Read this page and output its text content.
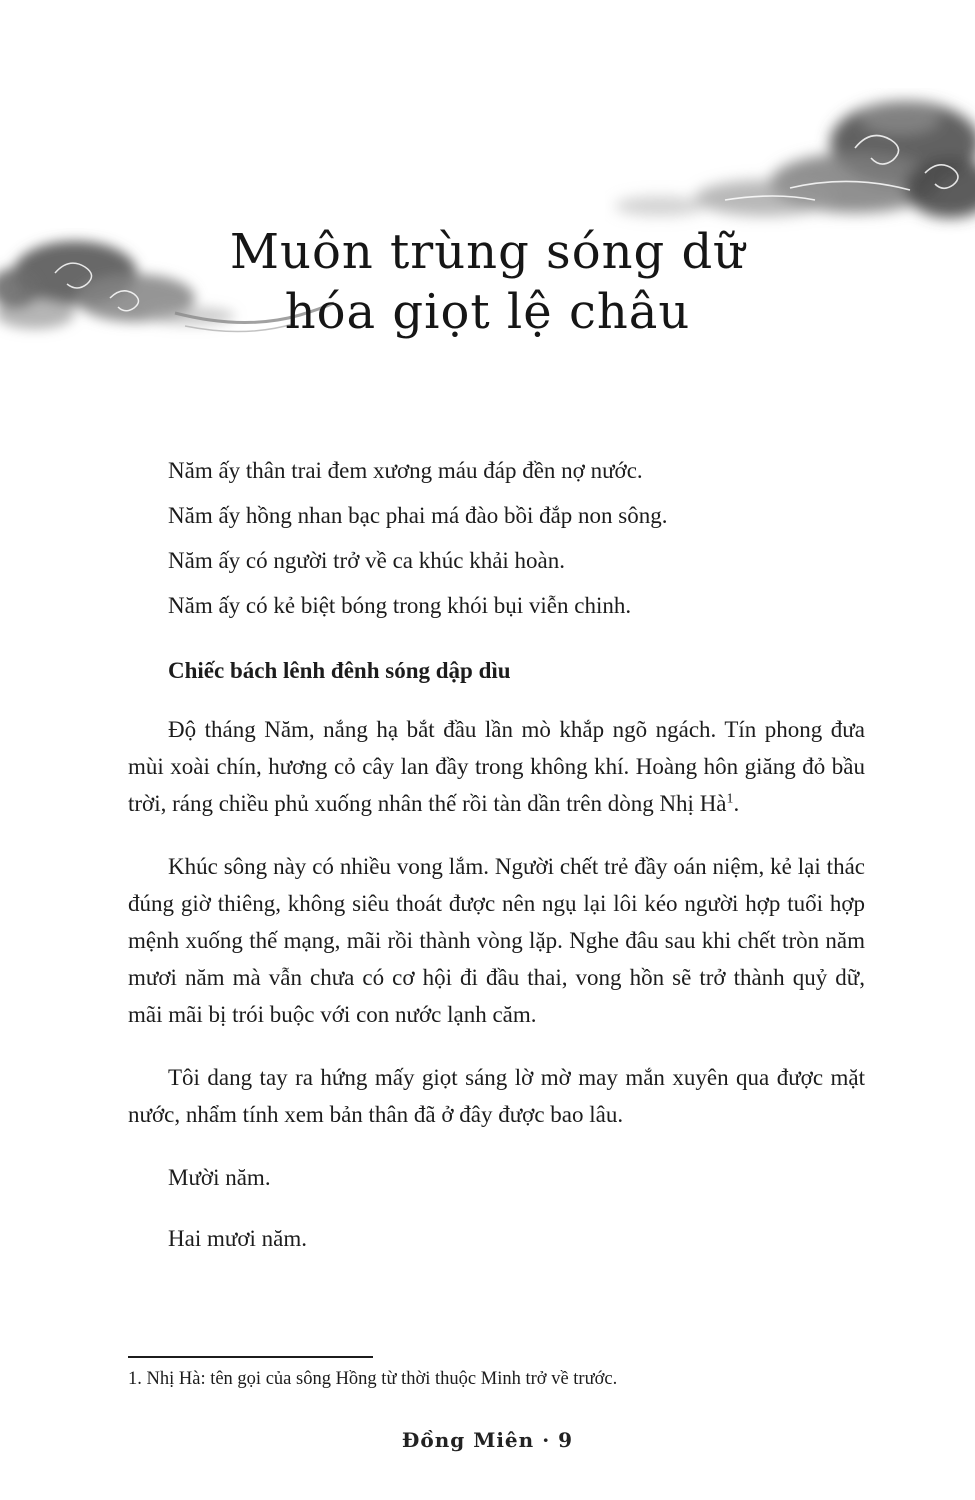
Muôn trùng sóng dữ
hóa giọt lệ châu

Năm ấy thân trai đem xương máu đáp đền nợ nước.

Năm ấy hồng nhan bạc phai má đào bồi đắp non sông.

Năm ấy có người trở về ca khúc khải hoàn.

Năm ấy có kẻ biệt bóng trong khói bụi viễn chinh.

Chiếc bách lênh đênh sóng dập dìu

Độ tháng Năm, nắng hạ bắt đầu lần mò khắp ngõ ngách. Tín phong đưa mùi xoài chín, hương cỏ cây lan đầy trong không khí. Hoàng hôn giăng đỏ bầu trời, ráng chiều phủ xuống nhân thế rồi tàn dần trên dòng Nhị Hà$^1$.

Khúc sông này có nhiều vong lắm. Người chết trẻ đầy oán niệm, kẻ lại thác đúng giờ thiêng, không siêu thoát được nên ngụ lại lôi kéo người hợp tuổi hợp mệnh xuống thế mạng, mãi rồi thành vòng lặp. Nghe đâu sau khi chết tròn năm mươi năm mà vẫn chưa có cơ hội đi đầu thai, vong hồn sẽ trở thành quỷ dữ, mãi mãi bị trói buộc với con nước lạnh căm.

Tôi dang tay ra hứng mấy giọt sáng lờ mờ may mắn xuyên qua được mặt nước, nhẩm tính xem bản thân đã ở đây được bao lâu.

Mười năm.

Hai mươi năm.

1. Nhị Hà: tên gọi của sông Hồng từ thời thuộc Minh trở về trước.

Đồng Miên · 9
